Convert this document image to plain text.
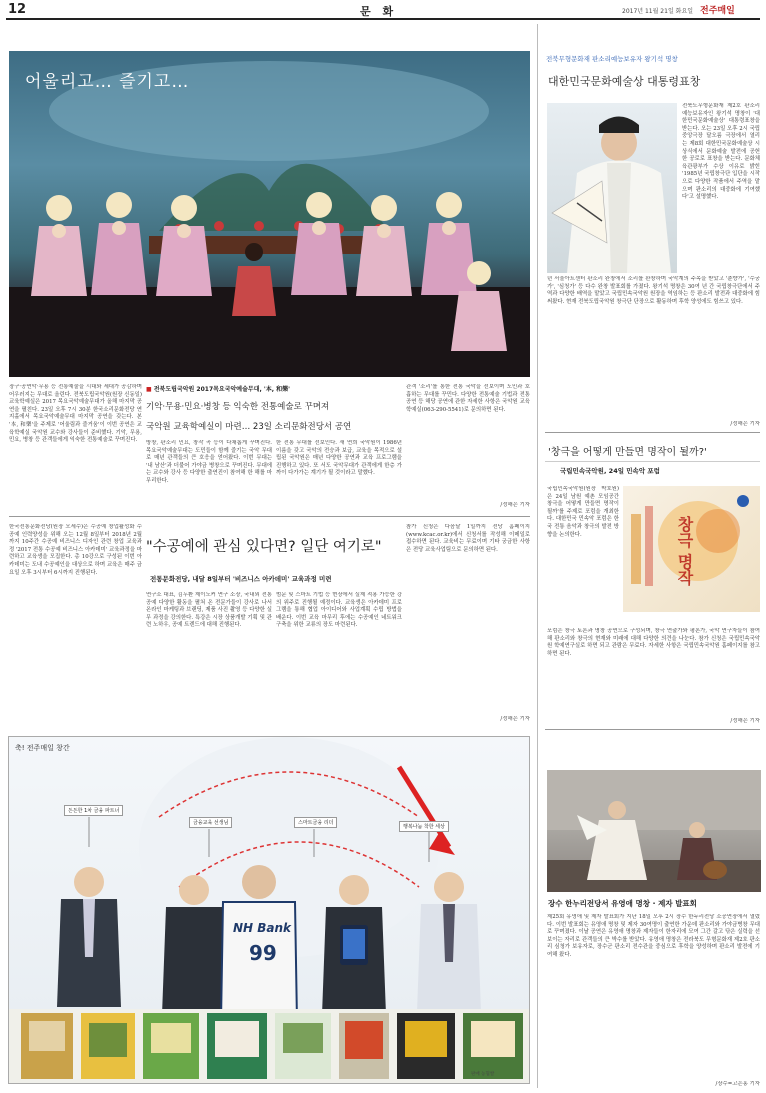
12	문 화	2017년 11월 21일 화요일 전주매일
어울리고… 즐기고…
장구·공연악·무용 등 전통예술을 시대와 세대가 공감하며 어우러지는 무대로 올린다. 전북도립국악원(원장 신동일) 교육학예실은 2017 목요국악예술무대가 올해 마지막 공연을 펼친다. 23일 오후 7시 30분 한국소리문화전당 연지홀에서 목요국악예술무대 마지막 공연을 갖는다. 본 '本, 和樂'을 주제로 '어울림과 즐거움'이 이번 공연은 교육학예실 국악원 교수와 강사들이 준비했다. 기악, 무용, 민요, 병창 등 관객들에게 익숙한 전통예술로 꾸며진다.
■ 전북도립국악원 2017목요국악예술무대, '本, 和樂'
기악·무용·민요·병창 등 익숙한 전통예술로 꾸며져
국악원 교육학예실이 마련… 23일 소리문화전당서 공연
방창, 판소리 민요, 창작 곡 등이 다채롭게 꾸며진다. 목요국악예술무대는 도민들이 함께 즐기는 국악 무대로 매년 관객들의 큰 호응을 얻어왔다. 이번 무대는 '내 남산'과 더불어 가야금 병창으로 꾸며진다. 무대에는 교수와 강사 등 다양한 출연진이 참여해 한 해를 마무리한다.
한 전통 무대를 선보인다. 새 연희 국악원이 1986년 이름을 갖고 국악의 전승과 보급, 교육을 목적으로 설립된 국악원은 매년 다양한 공연과 교육 프로그램을 진행하고 있다. 또 서도 국악무대가 관객에게 한층 가까이 다가가는 계기가 될 것이라고 말했다.
관객 '소리'를 통한 전통 국악을 선보이며 도민과 호흡하는 무대를 꾸민다. 다양한 전통예술 기법과 전통 공연 등 해당 공연에 관한 자세한 사항은 국악원 교육학예실(063-290-5541)로 문의하면 된다.
/정해은 기자
한국전통문화전당(원장 오세수)은 수공예 창업활성화 수공예 인력양성을 위해 오는 12월 8일부터 2018년 2월까지 10주간 수공예 비즈니스 디자인 관련 창업 교육과정 '2017 전통 수공예 비즈니스 아카데미' 교육과정을 마련하고 교육생을 모집한다. 총 10강으로 구성된 이번 아카데미는 도내 수공예인을 대상으로 하며 교육은 매주 금요일 오후 3시부터 6시까지 진행된다.
"수공예에 관심 있다면? 일단 여기로"
전통문화전당, 내달 8일부터 '비즈니스 아카데미' 교육과정 미련
연구소 대표, 김두환 제이노커 연구 소장, 국내외 전통공예 다양한 활동을 펼쳐 온 전문가들이 강사로 나서 온라인 마케팅과 브랜딩, 제품 사진 촬영 등 다양한 실무 과정을 강의한다. 특강은 시장 상품개발 기획 및 관련 노하우, 공예 트렌드에 대해 진행된다.
범문 및 스마트 기법 등 현장에서 실제 적용 가능한 강의 위주로 진행될 예정이다. 교육생은 아카데미 프로그램을 통해 협업 아이디어와 사업계획 수립 방법을 배운다. 이번 교육 마무리 후에는 수공예인 네트워크 구축을 위한 교류의 장도 마련된다.
참가 신청은 다음달 1일까지 전당 홈페이지(www.kcac.or.kr)에서 신청서를 작성해 이메일로 접수하면 된다. 교육비는 무료이며 기타 궁금한 사항은 전당 교육사업팀으로 문의하면 된다.
/정해은 기자
축! 전주매일 창간
NH Bank
99
든든한 1차 금융 파트너
금융교육 선생님	스마트금융 리더
행복나눔 착한 세상
판매 농협쌀
전북무형문화재 판소리예능보유자 왕기석 명창
대한민국문화예술상 대통령표창
전북도무형문화재 제2호 판소리예능보유자인 왕기석 명창이 '대한민국문화예술상' 대통령표창을 받는다. 오는 23일 오후 2시 국립중앙극장 달오름 극장에서 열리는 제8회 대한민국문화예술상 시상식에서 문화예술 발전에 공헌한 공로로 표창을 받는다. 문화체육관광부가 수상 이유로 밝힌 '1985년 국립창극단 입단을 시작으로 다양한 작품에서 주역을 맡으며 판소리의 대중화에 기여했다'고 설명했다.
년 서울아트센터 판소리 완창에서 소리를 완창하며 국악계의 주목을 받았고 '춘향가', '수궁가', '심청가' 등 다수 완창 발표회를 가졌다. 왕기석 명창은 30여 년 간 국립창극단에서 주역과 다양한 배역을 맡았고 국립민속국악원 원장을 역임하는 등 판소리 발전과 대중화에 힘써왔다. 현재 전북도립국악원 창극단 단장으로 활동하며 후학 양성에도 힘쓰고 있다.
/정해은 기자
'창극을 어떻게 만들면 명작이 될까?'
국립민속국악원, 24일 민속악 포럼
국립민속국악원(원장 박호원)은 24일 남원 예촌 모임공간 창극을 어떻게 만들면 명작이 될까'를 주제로 포럼을 개최한다. 대한민국 민속악 포럼은 한국 전통 음악과 창극의 발전 방향을 논의한다.	창극 명작
포럼은 창극 토론과 명창 공연으로 구성되며, 창극 연출가와 평론가, 국악 연구자들이 참여해 판소리와 창극의 현재와 미래에 대해 다양한 의견을 나눈다. 참가 신청은 국립민속국악원 학예연구실로 하면 되고 관람은 무료다. 자세한 사항은 국립민속국악원 홈페이지를 참고하면 된다.
/정해은 기자
장수 한누리전당서 유영애 명창 · 제자 발표회
제25회 유영애 및 제자 발표회가 지난 18일 오후 2시 장수 한누리전당 소공연장에서 열렸다. 이번 발표회는 유영애 명창 및 제자 30여명이 출연한 가운데 판소리와 가야금병창 무대로 꾸며졌다. 이날 공연은 유영애 명창과 제자들이 한자리에 모여 그간 갈고 닦은 실력을 선보이는 자리로 관객들의 큰 박수를 받았다. 유영애 명창은 전라북도 무형문화재 제2호 판소리 심청가 보유자로, 장수군 판소리 전수관을 중심으로 후학을 양성하며 판소리 발전에 기여해 왔다.
/장수=고은홍 기자
